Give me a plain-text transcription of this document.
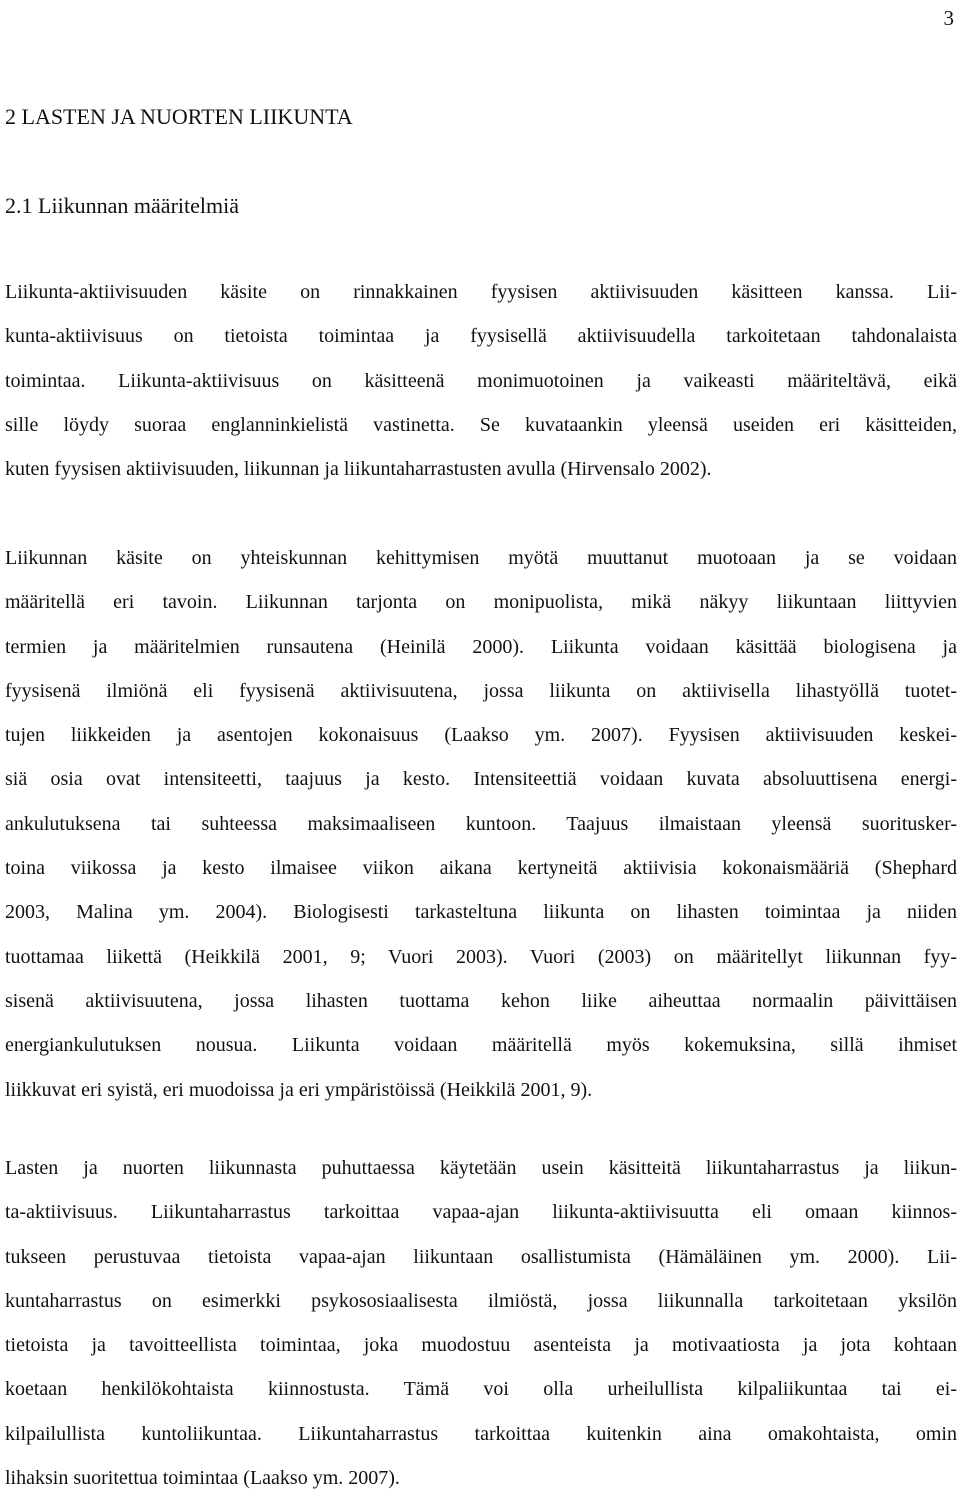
3
2 LASTEN JA NUORTEN LIIKUNTA
2.1 Liikunnan määritelmiä
Liikunta-aktiivisuuden käsite on rinnakkainen fyysisen aktiivisuuden käsitteen kanssa. Lii-
kunta-aktiivisuus on tietoista toimintaa ja fyysisellä aktiivisuudella tarkoitetaan tahdonalaista
toimintaa. Liikunta-aktiivisuus on käsitteenä monimuotoinen ja vaikeasti määriteltävä, eikä
sille löydy suoraa englanninkielistä vastinetta. Se kuvataankin yleensä useiden eri käsitteiden,
kuten fyysisen aktiivisuuden, liikunnan ja liikuntaharrastusten avulla (Hirvensalo 2002).
Liikunnan käsite on yhteiskunnan kehittymisen myötä muuttanut muotoaan ja se voidaan
määritellä eri tavoin. Liikunnan tarjonta on monipuolista, mikä näkyy liikuntaan liittyvien
termien ja määritelmien runsautena (Heinilä 2000). Liikunta voidaan käsittää biologisena ja
fyysisenä ilmiönä eli fyysisenä aktiivisuutena, jossa liikunta on aktiivisella lihastyöllä tuotet-
tujen liikkeiden ja asentojen kokonaisuus (Laakso ym. 2007). Fyysisen aktiivisuuden keskei-
siä osia ovat intensiteetti, taajuus ja kesto. Intensiteettiä voidaan kuvata absoluuttisena energi-
ankulutuksena tai suhteessa maksimaaliseen kuntoon. Taajuus ilmaistaan yleensä suoritusker-
toina viikossa ja kesto ilmaisee viikon aikana kertyneitä aktiivisia kokonaismääriä (Shephard
2003, Malina ym. 2004). Biologisesti tarkasteltuna liikunta on lihasten toimintaa ja niiden
tuottamaa liikettä (Heikkilä 2001, 9; Vuori 2003). Vuori (2003) on määritellyt liikunnan fyy-
sisenä aktiivisuutena, jossa lihasten tuottama kehon liike aiheuttaa normaalin päivittäisen
energiankulutuksen nousua. Liikunta voidaan määritellä myös kokemuksina, sillä ihmiset
liikkuvat eri syistä, eri muodoissa ja eri ympäristöissä (Heikkilä 2001, 9).
Lasten ja nuorten liikunnasta puhuttaessa käytetään usein käsitteitä liikuntaharrastus ja liikun-
ta-aktiivisuus. Liikuntaharrastus tarkoittaa vapaa-ajan liikunta-aktiivisuutta eli omaan kiinnos-
tukseen perustuvaa tietoista vapaa-ajan liikuntaan osallistumista (Hämäläinen ym. 2000). Lii-
kuntaharrastus on esimerkki psykososiaalisesta ilmiöstä, jossa liikunnalla tarkoitetaan yksilön
tietoista ja tavoitteellista toimintaa, joka muodostuu asenteista ja motivaatiosta ja jota kohtaan
koetaan henkilökohtaista kiinnostusta. Tämä voi olla urheilullista kilpaliikuntaa tai ei-
kilpailullista kuntoliikuntaa. Liikuntaharrastus tarkoittaa kuitenkin aina omakohtaista, omin
lihaksin suoritettua toimintaa (Laakso ym. 2007).
